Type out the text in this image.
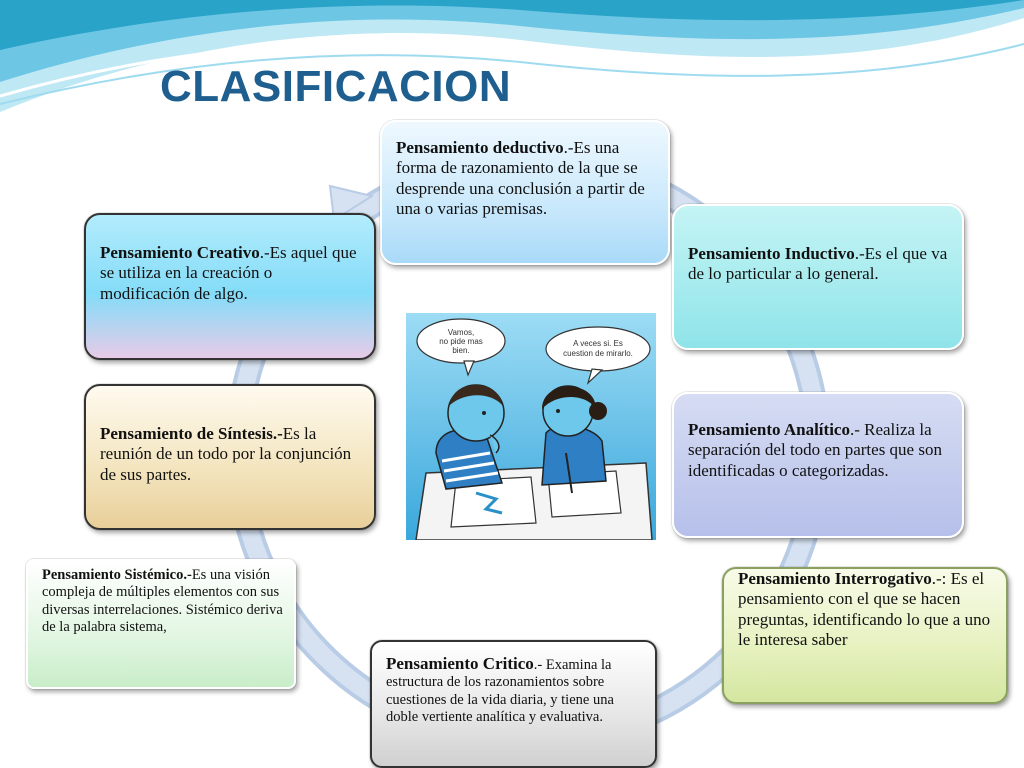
CLASIFICACION
Pensamiento deductivo.-Es una forma de razonamiento de la que se desprende una conclusión a partir de una o varias premisas.
Pensamiento Creativo.-Es aquel que se utiliza en la creación o modificación de algo.
Pensamiento Inductivo.-Es el que va de lo particular a lo general.
Pensamiento de Síntesis.-Es la reunión de un todo por la conjunción de sus partes.
Pensamiento Analítico.- Realiza la separación del todo en partes que son identificadas o categorizadas.
Pensamiento Sistémico.-Es una visión compleja de múltiples elementos con sus diversas interrelaciones. Sistémico deriva de la palabra sistema,
Pensamiento Critico.- Examina la estructura de los razonamientos sobre cuestiones de la vida diaria, y tiene una doble vertiente analítica y evaluativa.
Pensamiento Interrogativo.-: Es el pensamiento con el que se hacen preguntas, identificando lo que a uno le interesa saber
Vamos,
no pide mas
bien.
A veces si. Es
cuestion de mirarlo.
